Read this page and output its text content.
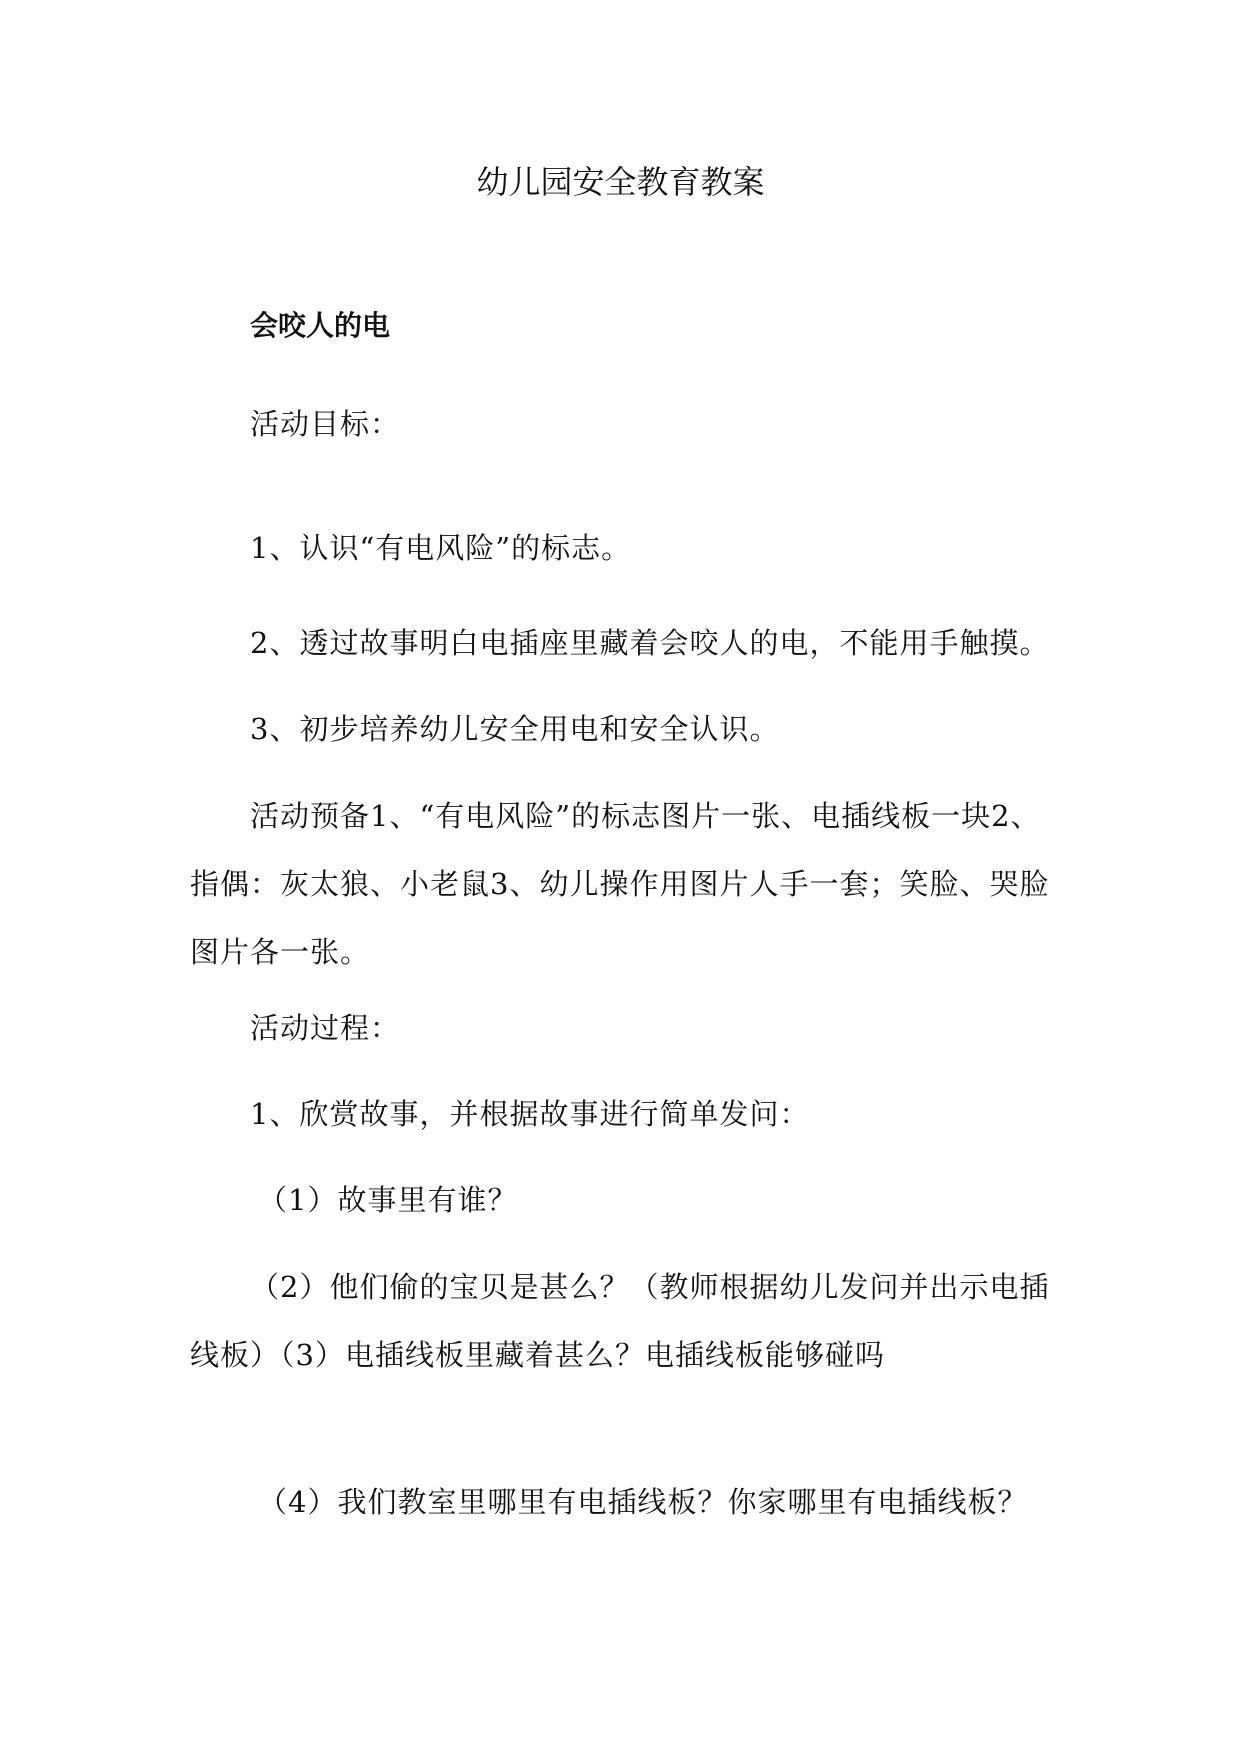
幼儿园安全教育教案
会咬人的电
活动目标：
1、认识“有电风险”的标志。
2、透过故事明白电插座里藏着会咬人的电，不能用手触摸。
3、初步培养幼儿安全用电和安全认识。
活动预备1、“有电风险”的标志图片一张、电插线板一块2、指偶：灰太狼、小老鼠3、幼儿操作用图片人手一套；笑脸、哭脸图片各一张。
活动过程：
1、欣赏故事，并根据故事进行简单发问：
（1）故事里有谁？
（2）他们偷的宝贝是甚么？（教师根据幼儿发问并出示电插线板）（3）电插线板里藏着甚么？电插线板能够碰吗
（4）我们教室里哪里有电插线板？你家哪里有电插线板？
